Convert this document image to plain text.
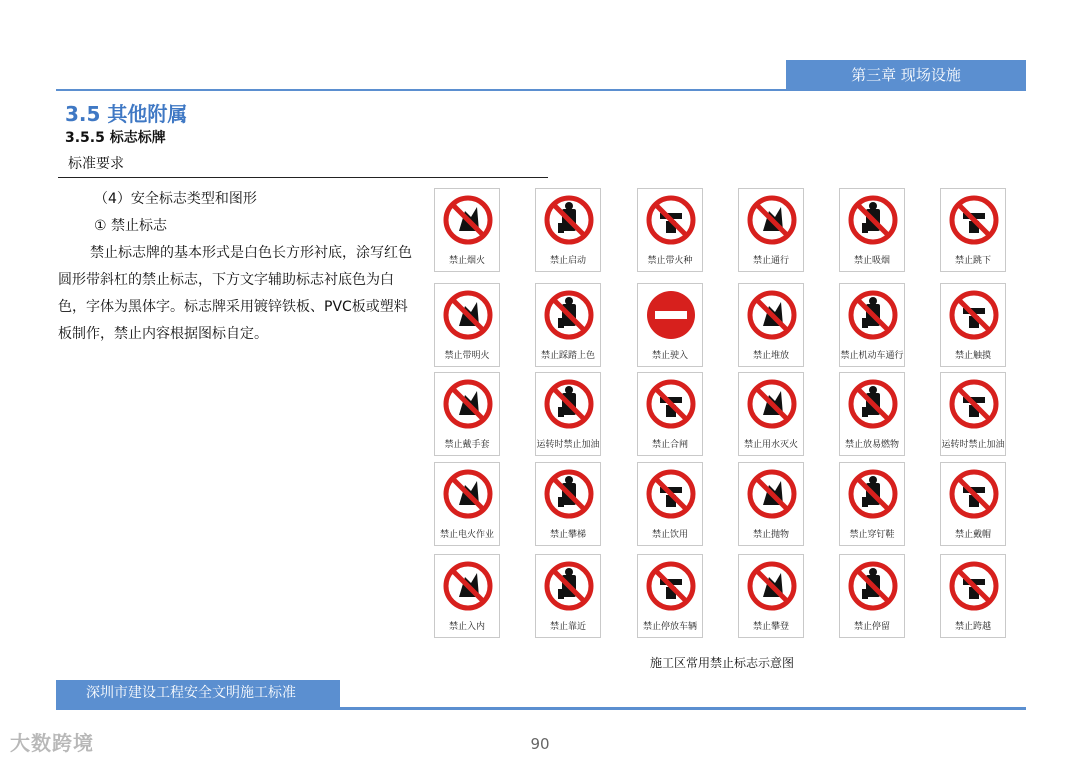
第三章 现场设施
3.5 其他附属
3.5.5 标志标牌
标准要求
（4）安全标志类型和图形
① 禁止标志
禁止标志牌的基本形式是白色长方形衬底，涂写红色圆形带斜杠的禁止标志，下方文字辅助标志衬底色为白色，字体为黑体字。标志牌采用镀锌铁板、PVC板或塑料板制作，禁止内容根据图标自定。
禁止烟火	禁止启动	禁止带火种	禁止通行	禁止吸烟	禁止跳下
禁止带明火	禁止踩踏上色	禁止驶入	禁止堆放	禁止机动车通行	禁止触摸
禁止戴手套	运转时禁止加油	禁止合闸	禁止用水灭火	禁止放易燃物	运转时禁止加油
禁止电火作业	禁止攀梯	禁止饮用	禁止抛物	禁止穿钉鞋	禁止戴帽
禁止入内	禁止靠近	禁止停放车辆	禁止攀登	禁止停留	禁止跨越
施工区常用禁止标志示意图
深圳市建设工程安全文明施工标准
大数跨境	90
